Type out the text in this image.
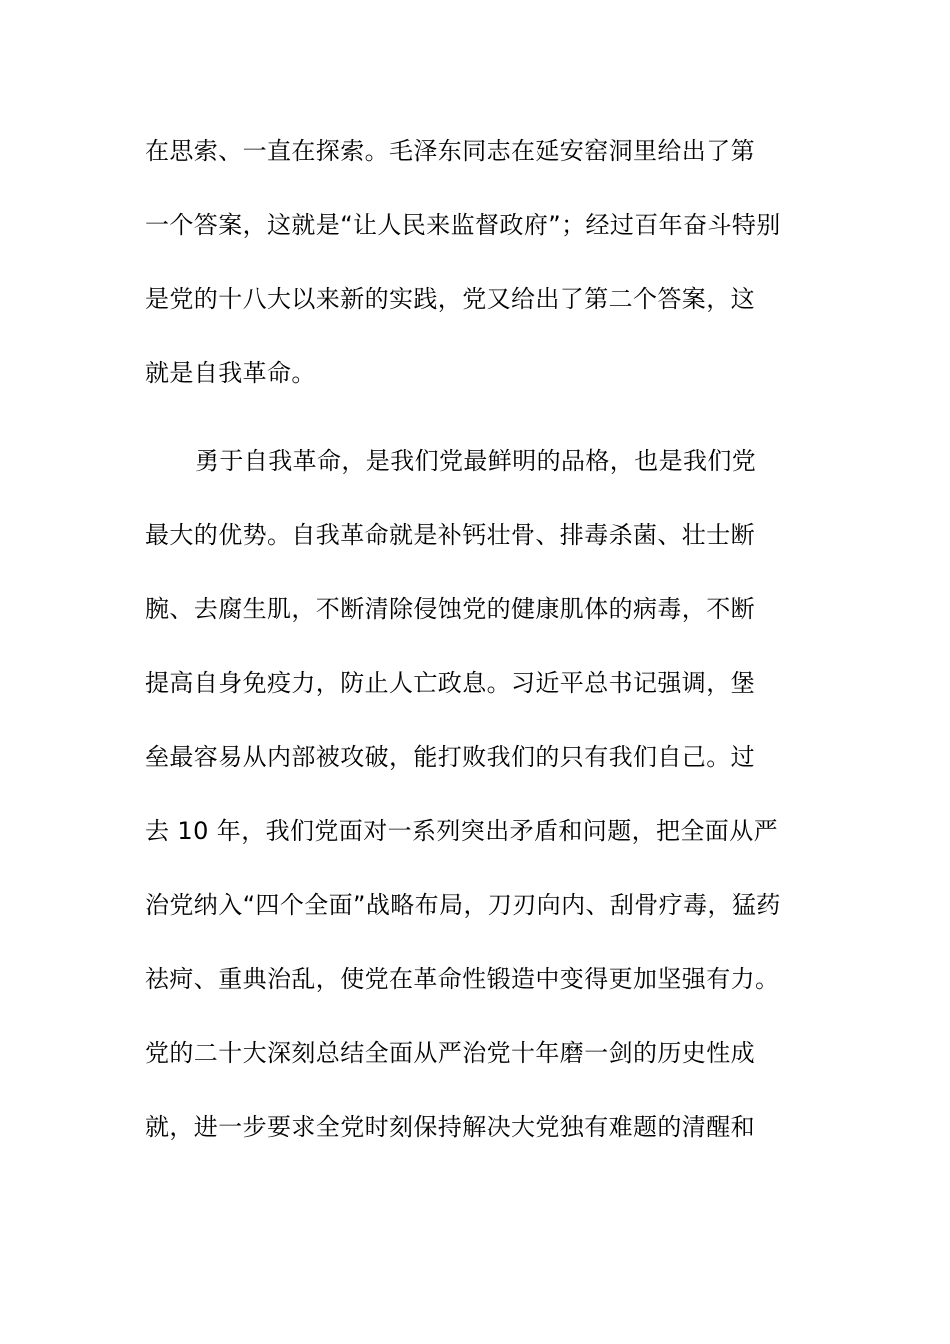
在思索、一直在探索。毛泽东同志在延安窑洞里给出了第
一个答案，这就是“让人民来监督政府”；经过百年奋斗特别
是党的十八大以来新的实践，党又给出了第二个答案，这
就是自我革命。
勇于自我革命，是我们党最鲜明的品格，也是我们党
最大的优势。自我革命就是补钙壮骨、排毒杀菌、壮士断
腕、去腐生肌，不断清除侵蚀党的健康肌体的病毒，不断
提高自身免疫力，防止人亡政息。习近平总书记强调，堡
垒最容易从内部被攻破，能打败我们的只有我们自己。过
去 10 年，我们党面对一系列突出矛盾和问题，把全面从严
治党纳入“四个全面”战略布局，刀刃向内、刮骨疗毒，猛药
祛疴、重典治乱，使党在革命性锻造中变得更加坚强有力。
党的二十大深刻总结全面从严治党十年磨一剑的历史性成
就，进一步要求全党时刻保持解决大党独有难题的清醒和
